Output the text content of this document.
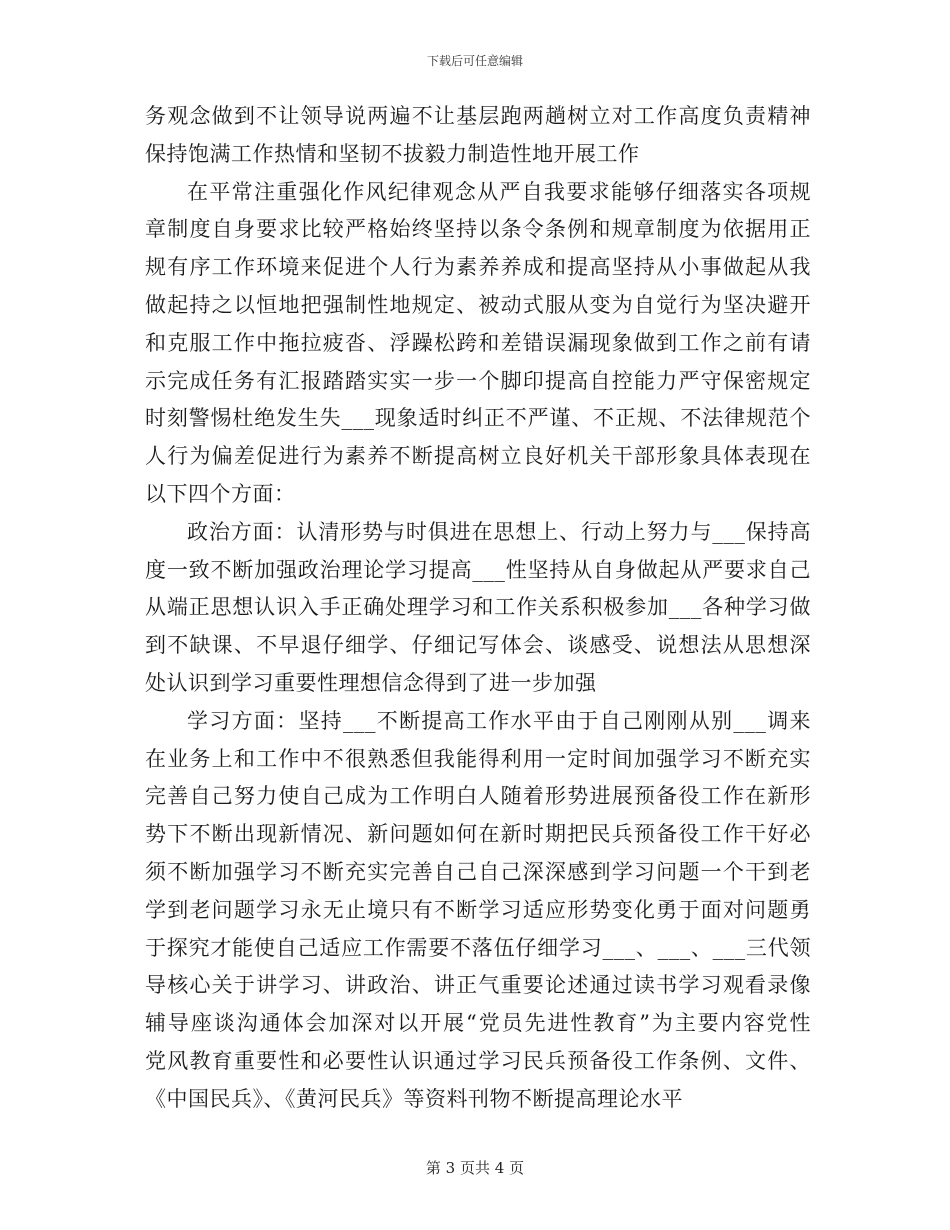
下载后可任意编辑
务观念做到不让领导说两遍不让基层跑两趟树立对工作高度负责精神
保持饱满工作热情和坚韧不拔毅力制造性地开展工作
在平常注重强化作风纪律观念从严自我要求能够仔细落实各项规
章制度自身要求比较严格始终坚持以条令条例和规章制度为依据用正
规有序工作环境来促进个人行为素养养成和提高坚持从小事做起从我
做起持之以恒地把强制性地规定、被动式服从变为自觉行为坚决避开
和克服工作中拖拉疲沓、浮躁松跨和差错误漏现象做到工作之前有请
示完成任务有汇报踏踏实实一步一个脚印提高自控能力严守保密规定
时刻警惕杜绝发生失___现象适时纠正不严谨、不正规、不法律规范个
人行为偏差促进行为素养不断提高树立良好机关干部形象具体表现在
以下四个方面：
政治方面：认清形势与时俱进在思想上、行动上努力与___保持高
度一致不断加强政治理论学习提高___性坚持从自身做起从严要求自己
从端正思想认识入手正确处理学习和工作关系积极参加___各种学习做
到不缺课、不早退仔细学、仔细记写体会、谈感受、说想法从思想深
处认识到学习重要性理想信念得到了进一步加强
学习方面：坚持___不断提高工作水平由于自己刚刚从别___调来
在业务上和工作中不很熟悉但我能得利用一定时间加强学习不断充实
完善自己努力使自己成为工作明白人随着形势进展预备役工作在新形
势下不断出现新情况、新问题如何在新时期把民兵预备役工作干好必
须不断加强学习不断充实完善自己自己深深感到学习问题一个干到老
学到老问题学习永无止境只有不断学习适应形势变化勇于面对问题勇
于探究才能使自己适应工作需要不落伍仔细学习___、___、___三代领
导核心关于讲学习、讲政治、讲正气重要论述通过读书学习观看录像
辅导座谈沟通体会加深对以开展“党员先进性教育”为主要内容党性
党风教育重要性和必要性认识通过学习民兵预备役工作条例、文件、
《中国民兵》、《黄河民兵》等资料刊物不断提高理论水平
第 3 页共 4 页
